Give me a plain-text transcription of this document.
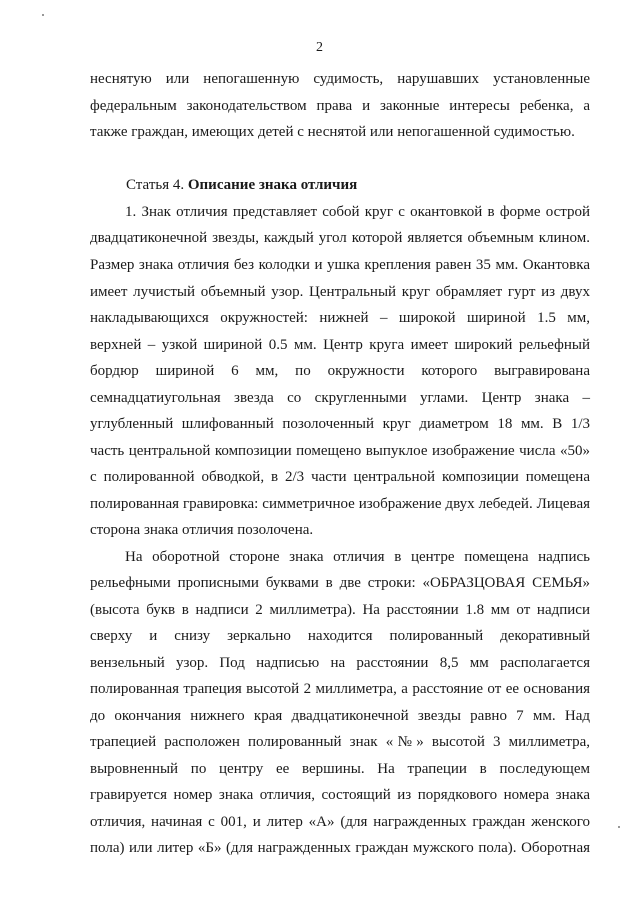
2
неснятую или непогашенную судимость, нарушавших установленные
федеральным законодательством права и законные интересы ребенка, а
также граждан, имеющих детей с неснятой или непогашенной судимостью.
Статья 4. Описание знака отличия
1. Знак отличия представляет собой круг с окантовкой в форме острой
двадцатиконечной звезды, каждый угол которой является объемным клином.
Размер знака отличия без колодки и ушка крепления равен 35 мм. Окантовка
имеет лучистый объемный узор. Центральный круг обрамляет гурт из двух
накладывающихся окружностей: нижней – широкой шириной 1.5 мм,
верхней – узкой шириной 0.5 мм. Центр круга имеет широкий рельефный
бордюр шириной 6 мм, по окружности которого выгравирована
семнадцатиугольная звезда со скругленными углами. Центр знака –
углубленный шлифованный позолоченный круг диаметром 18 мм. В 1/3
часть центральной композиции помещено выпуклое изображение числа «50»
с полированной обводкой, в 2/3 части центральной композиции помещена
полированная гравировка: симметричное изображение двух лебедей. Лицевая
сторона знака отличия позолочена.
На оборотной стороне знака отличия в центре помещена надпись
рельефными прописными буквами в две строки: «ОБРАЗЦОВАЯ СЕМЬЯ»
(высота букв в надписи 2 миллиметра). На расстоянии 1.8 мм от надписи
сверху и снизу зеркально находится полированный декоративный
вензельный узор. Под надписью на расстоянии 8,5 мм располагается
полированная трапеция высотой 2 миллиметра, а расстояние от ее основания
до окончания нижнего края двадцатиконечной звезды равно 7 мм. Над
трапецией расположен полированный знак «№» высотой 3 миллиметра,
выровненный по центру ее вершины. На трапеции в последующем
гравируется номер знака отличия, состоящий из порядкового номера знака
отличия, начиная с 001, и литер «А» (для награжденных граждан женского
пола) или литер «Б» (для награжденных граждан мужского пола). Оборотная
